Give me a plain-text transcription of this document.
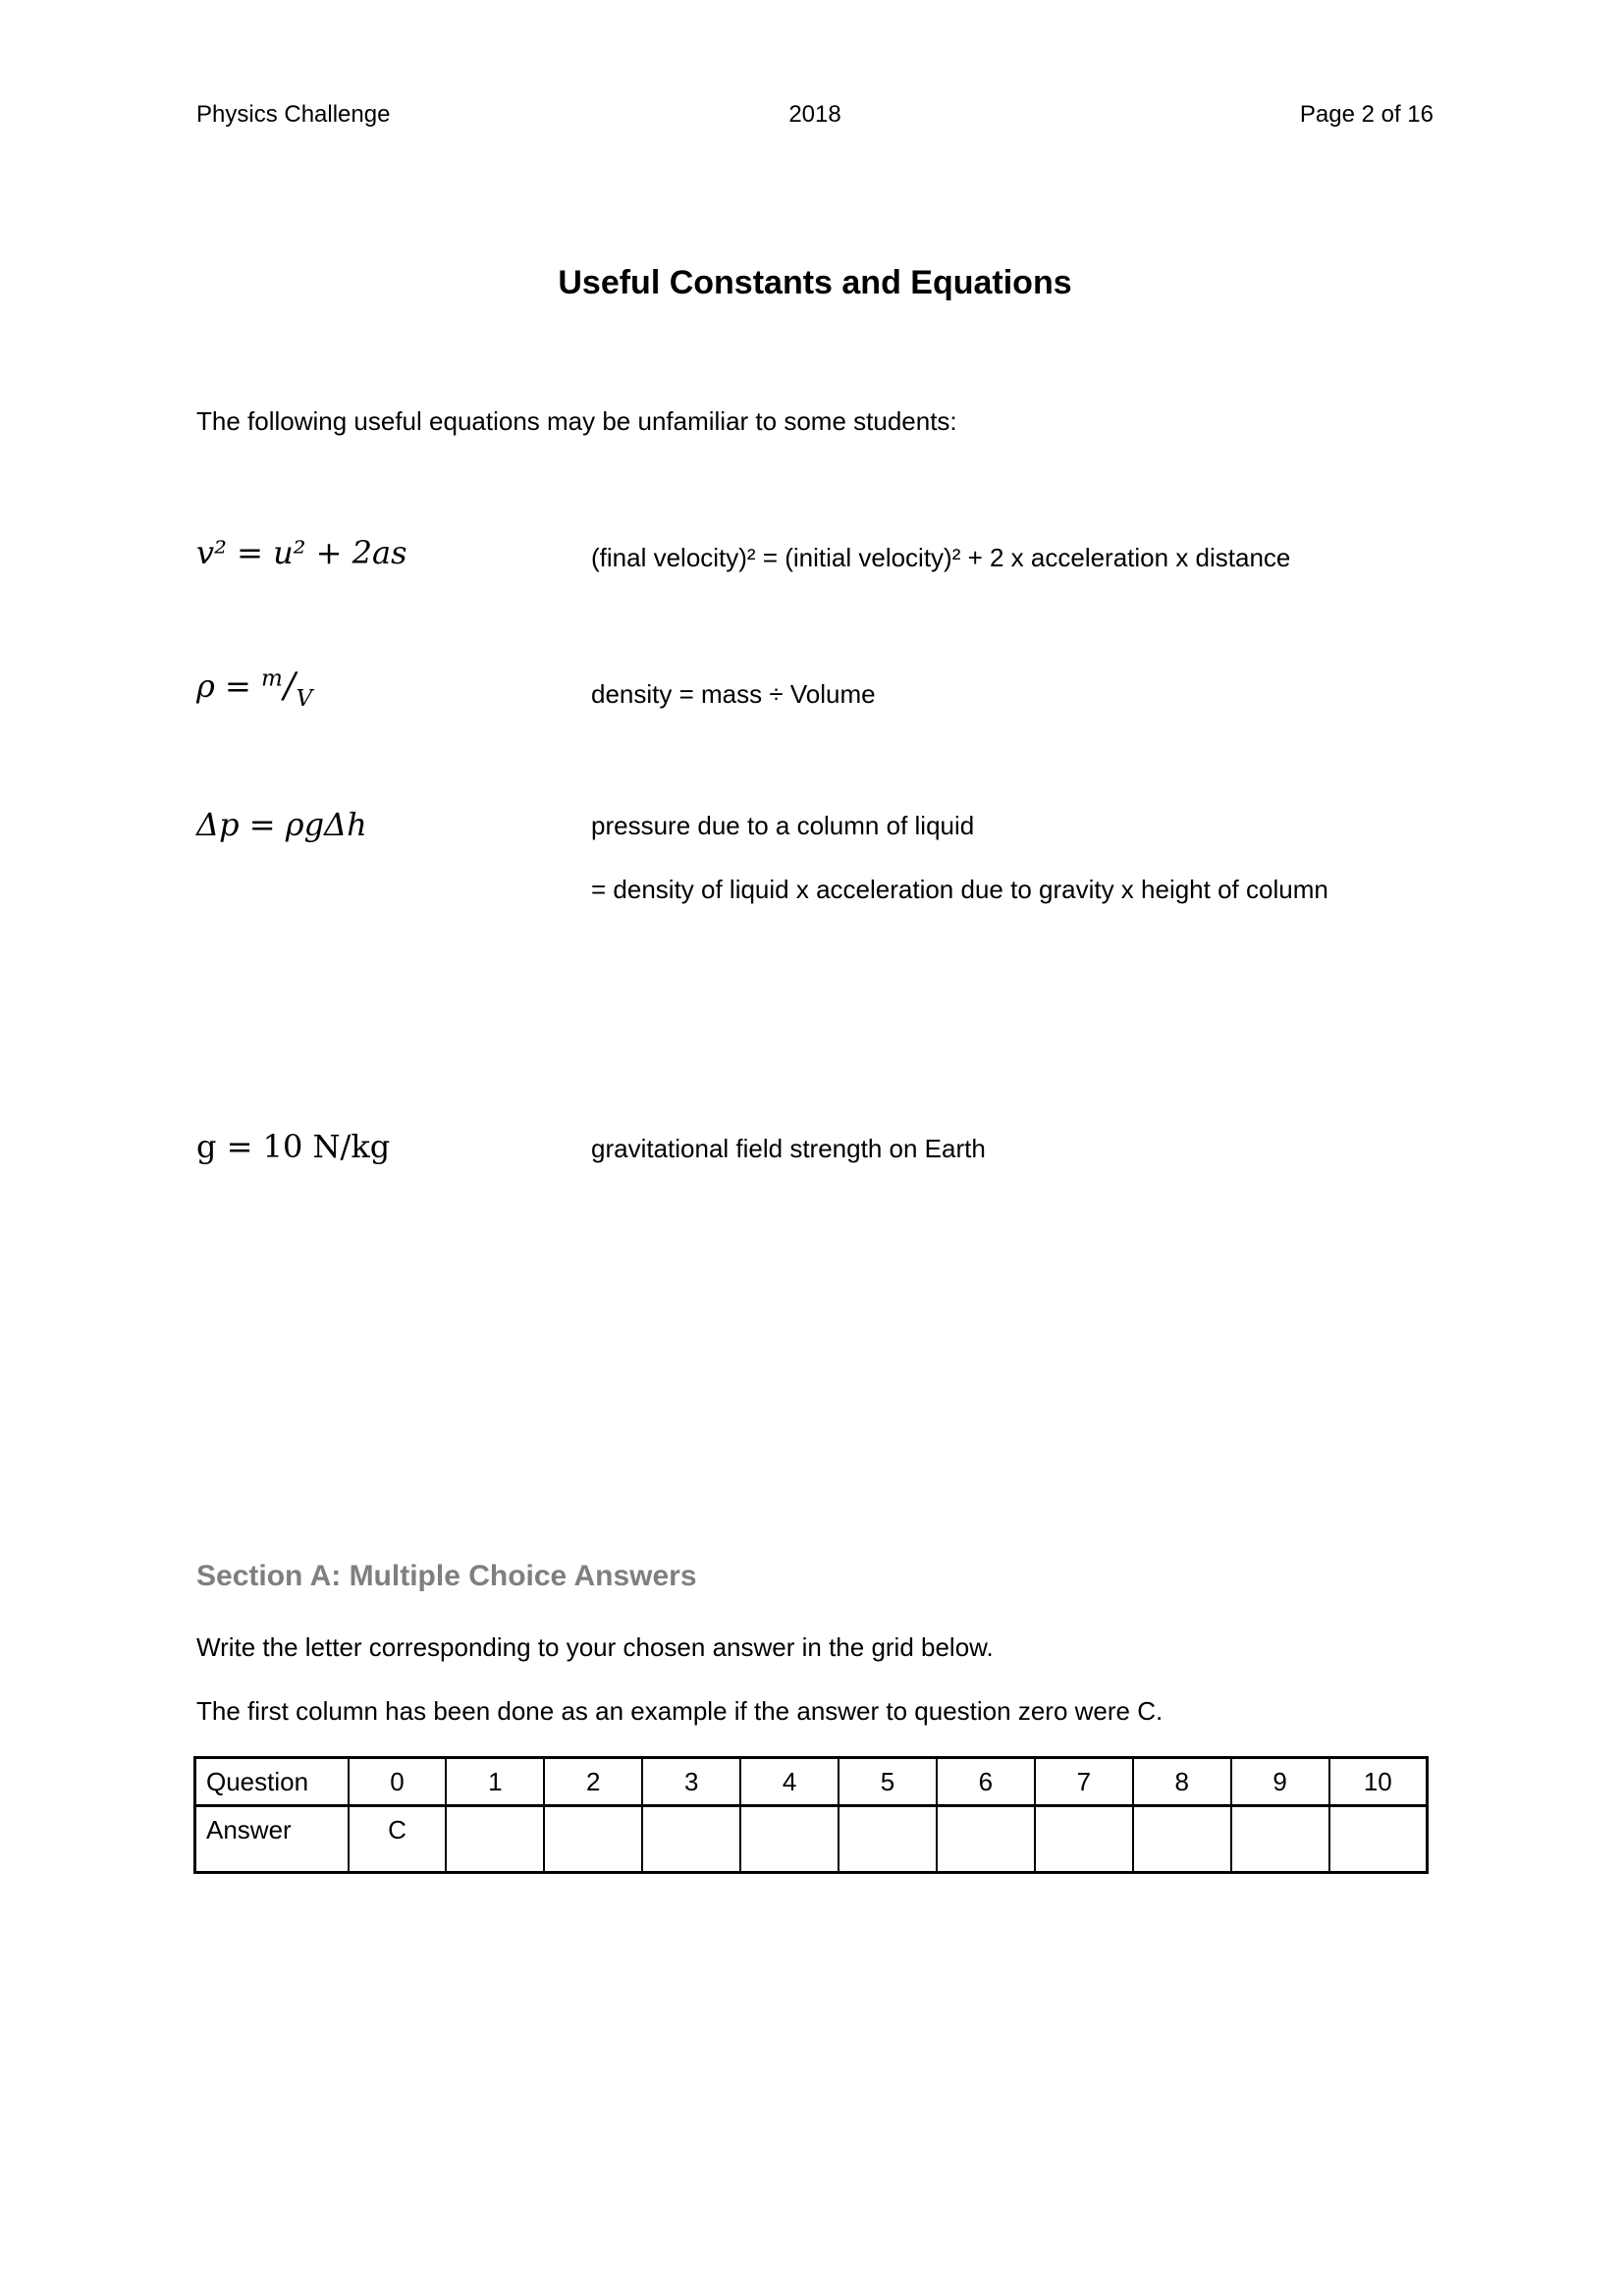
Physics Challenge	2018	Page 2 of 16
Useful Constants and Equations
The following useful equations may be unfamiliar to some students:
v² = u² + 2as	(final velocity)² = (initial velocity)² + 2 x acceleration x distance
$\rho = ^m/_V$	density = mass ÷ Volume
Δp = ρgΔh	pressure due to a column of liquid
= density of liquid x acceleration due to gravity x height of column
g = 10 N/kg	gravitational field strength on Earth
Section A: Multiple Choice Answers
Write the letter corresponding to your chosen answer in the grid below.
The first column has been done as an example if the answer to question zero were C.
Question	0	1	2	3	4	5	6	7	8	9	10
Answer	C										
